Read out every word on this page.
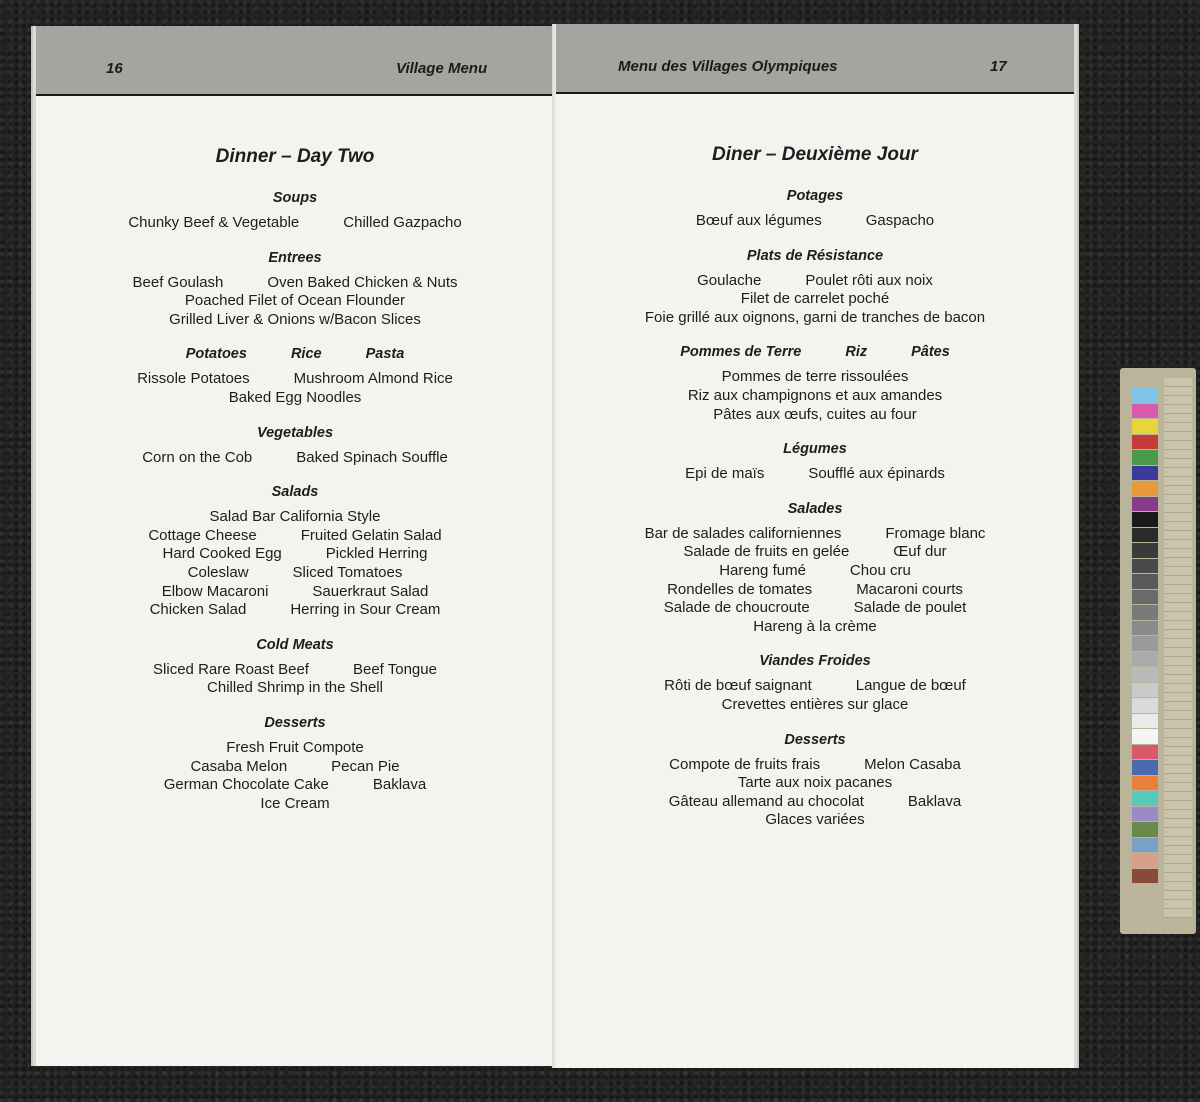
16	Village Menu
Dinner – Day Two
Soups
Chunky Beef & Vegetable	Chilled Gazpacho
Entrees
Beef Goulash	Oven Baked Chicken & Nuts
Poached Filet of Ocean Flounder
Grilled Liver & Onions w/Bacon Slices
Potatoes	Rice	Pasta
Rissole Potatoes	Mushroom Almond Rice
Baked Egg Noodles
Vegetables
Corn on the Cob	Baked Spinach Souffle
Salads
Salad Bar California Style
Cottage Cheese	Fruited Gelatin Salad
Hard Cooked Egg	Pickled Herring
Coleslaw	Sliced Tomatoes
Elbow Macaroni	Sauerkraut Salad
Chicken Salad	Herring in Sour Cream
Cold Meats
Sliced Rare Roast Beef	Beef Tongue
Chilled Shrimp in the Shell
Desserts
Fresh Fruit Compote
Casaba Melon	Pecan Pie
German Chocolate Cake	Baklava
Ice Cream
Menu des Villages Olympiques	17
Diner – Deuxième Jour
Potages
Bœuf aux légumes	Gaspacho
Plats de Résistance
Goulache	Poulet rôti aux noix
Filet de carrelet poché
Foie grillé aux oignons, garni de tranches de bacon
Pommes de Terre	Riz	Pâtes
Pommes de terre rissoulées
Riz aux champignons et aux amandes
Pâtes aux œufs, cuites au four
Légumes
Epi de maïs	Soufflé aux épinards
Salades
Bar de salades californiennes	Fromage blanc
Salade de fruits en gelée	Œuf dur
Hareng fumé	Chou cru
Rondelles de tomates	Macaroni courts
Salade de choucroute	Salade de poulet
Hareng à la crème
Viandes Froides
Rôti de bœuf saignant	Langue de bœuf
Crevettes entières sur glace
Desserts
Compote de fruits frais	Melon Casaba
Tarte aux noix pacanes
Gâteau allemand au chocolat	Baklava
Glaces variées
